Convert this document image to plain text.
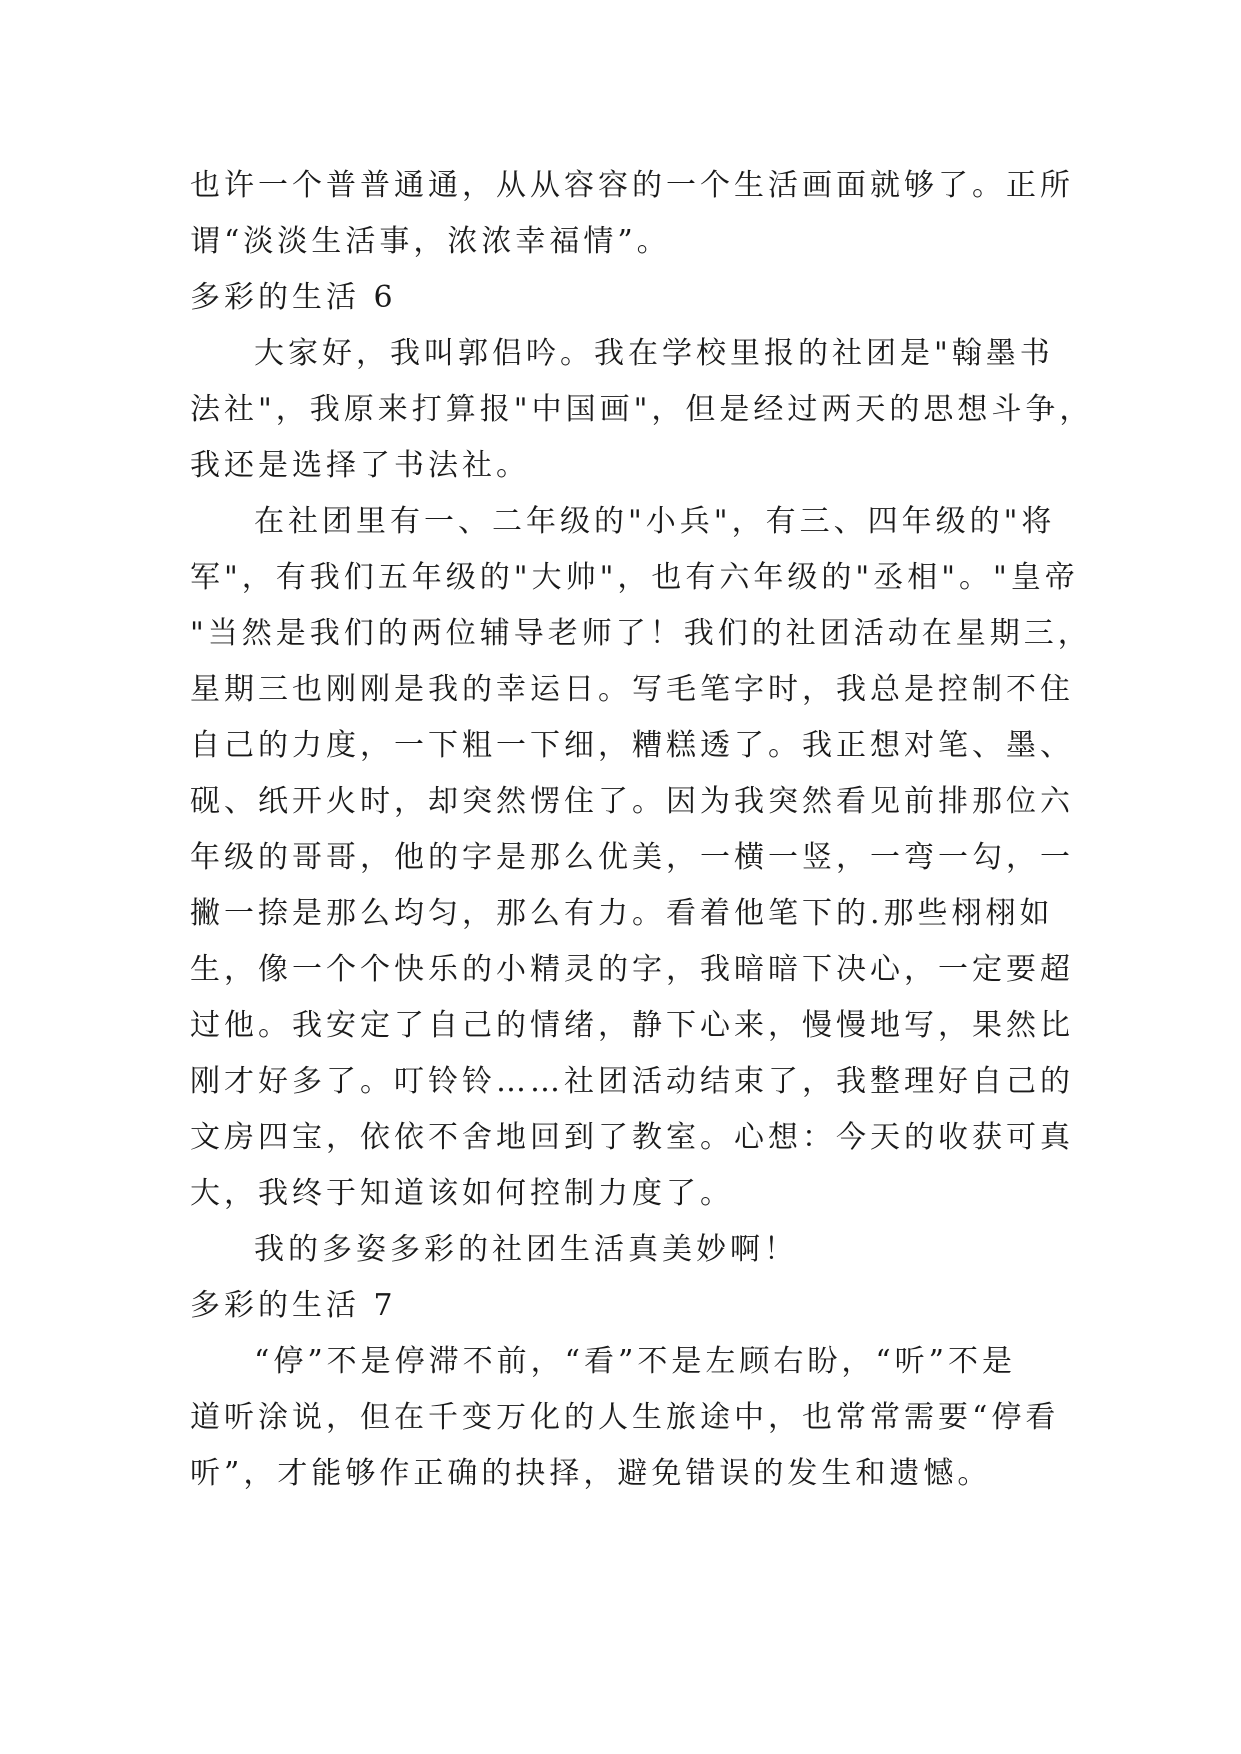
也许一个普普通通，从从容容的一个生活画面就够了。正所
谓“淡淡生活事，浓浓幸福情”。
多彩的生活 6
大家好，我叫郭侣吟。我在学校里报的社团是"翰墨书
法社"，我原来打算报"中国画"，但是经过两天的思想斗争，
我还是选择了书法社。
在社团里有一、二年级的"小兵"，有三、四年级的"将
军"，有我们五年级的"大帅"，也有六年级的"丞相"。"皇帝
"当然是我们的两位辅导老师了！我们的社团活动在星期三，
星期三也刚刚是我的幸运日。写毛笔字时，我总是控制不住
自己的力度，一下粗一下细，糟糕透了。我正想对笔、墨、
砚、纸开火时，却突然愣住了。因为我突然看见前排那位六
年级的哥哥，他的字是那么优美，一横一竖，一弯一勾，一
撇一捺是那么均匀，那么有力。看着他笔下的.那些栩栩如
生，像一个个快乐的小精灵的字，我暗暗下决心，一定要超
过他。我安定了自己的情绪，静下心来，慢慢地写，果然比
刚才好多了。叮铃铃……社团活动结束了，我整理好自己的
文房四宝，依依不舍地回到了教室。心想：今天的收获可真
大，我终于知道该如何控制力度了。
我的多姿多彩的社团生活真美妙啊！
多彩的生活 7
“停”不是停滞不前，“看”不是左顾右盼，“听”不是
道听涂说，但在千变万化的人生旅途中，也常常需要“停看
听”，才能够作正确的抉择，避免错误的发生和遗憾。
